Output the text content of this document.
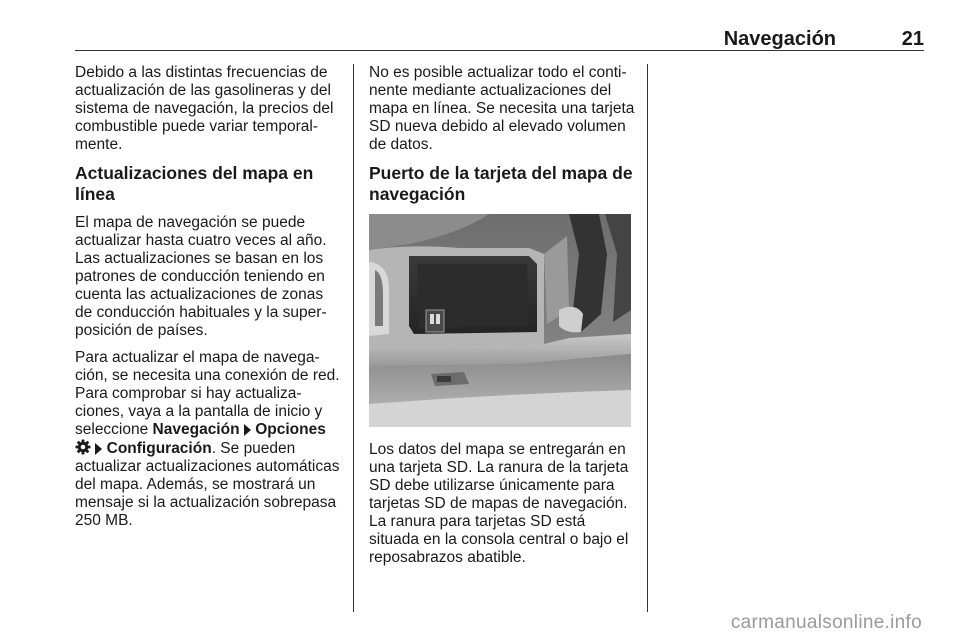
Navegación	21

Debido a las distintas frecuencias de actualización de las gasolineras y del sistema de navegación, la precios del combustible puede variar temporalmente.

Actualizaciones del mapa en línea

El mapa de navegación se puede actualizar hasta cuatro veces al año. Las actualizaciones se basan en los patrones de conducción teniendo en cuenta las actualizaciones de zonas de conducción habituales y la superposición de países.

Para actualizar el mapa de navegación, se necesita una conexión de red. Para comprobar si hay actualizaciones, vaya a la pantalla de inicio y seleccione Navegación Opciones
Configuración. Se pueden actualizar actualizaciones automáticas del mapa. Además, se mostrará un mensaje si la actualización sobrepasa 250 MB.

No es posible actualizar todo el continente mediante actualizaciones del mapa en línea. Se necesita una tarjeta SD nueva debido al elevado volumen de datos.

Puerto de la tarjeta del mapa de navegación

Los datos del mapa se entregarán en una tarjeta SD. La ranura de la tarjeta SD debe utilizarse únicamente para tarjetas SD de mapas de navegación. La ranura para tarjetas SD está situada en la consola central o bajo el reposabrazos abatible.

carmanualsonline.info
